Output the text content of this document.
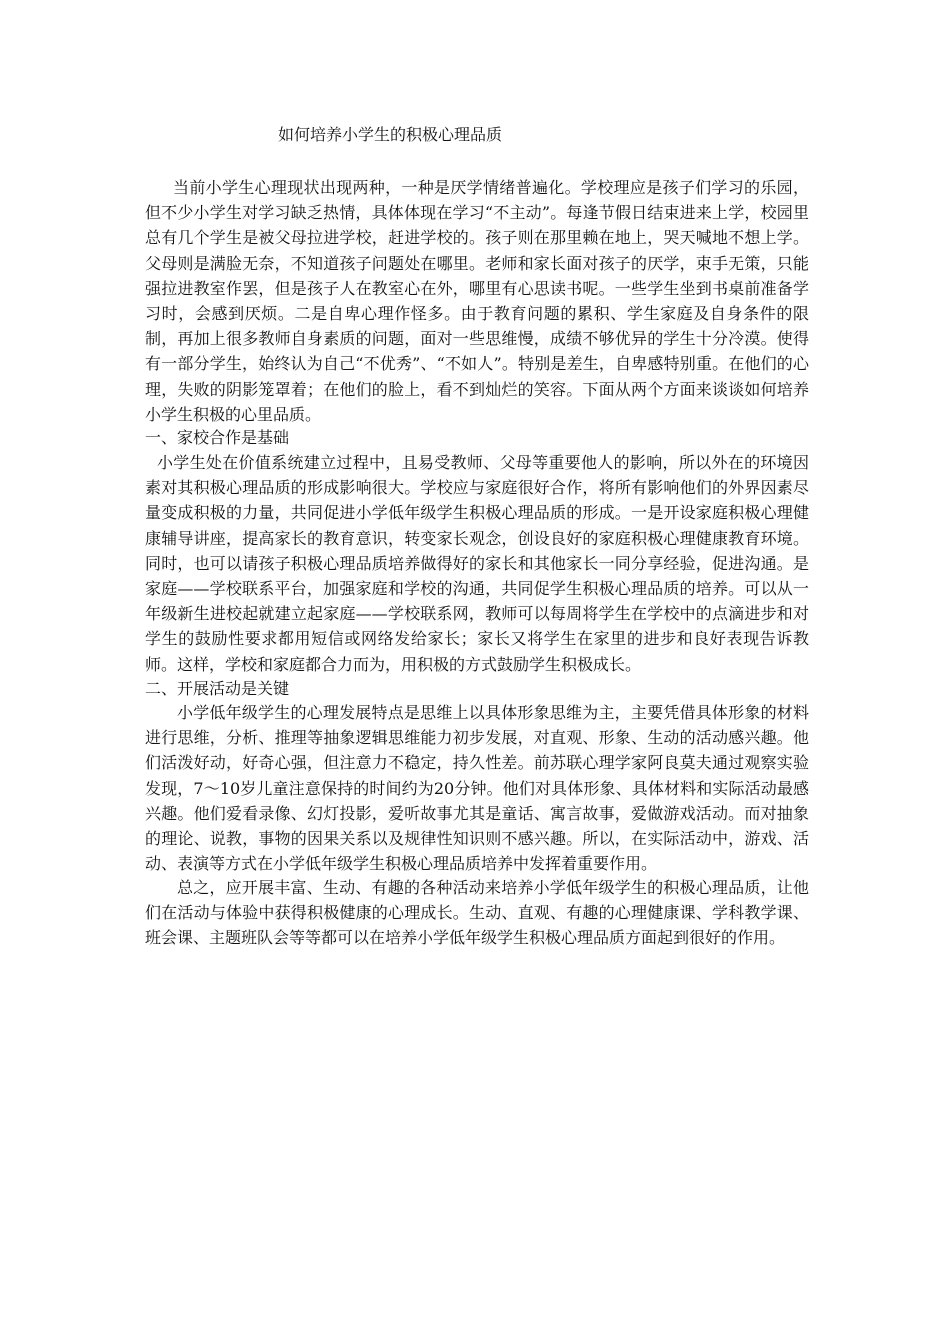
如何培养小学生的积极心理品质

当前小学生心理现状出现两种，一种是厌学情绪普遍化。学校理应是孩子们学习的乐园，但不少小学生对学习缺乏热情，具体体现在学习“不主动”。每逢节假日结束进来上学，校园里总有几个学生是被父母拉进学校，赶进学校的。孩子则在那里赖在地上，哭天喊地不想上学。父母则是满脸无奈，不知道孩子问题处在哪里。老师和家长面对孩子的厌学，束手无策，只能强拉进教室作罢，但是孩子人在教室心在外，哪里有心思读书呢。一些学生坐到书桌前准备学习时，会感到厌烦。二是自卑心理作怪多。由于教育问题的累积、学生家庭及自身条件的限制，再加上很多教师自身素质的问题，面对一些思维慢，成绩不够优异的学生十分冷漠。使得有一部分学生，始终认为自己“不优秀”、“不如人”。特别是差生，自卑感特别重。在他们的心理，失败的阴影笼罩着；在他们的脸上，看不到灿烂的笑容。下面从两个方面来谈谈如何培养小学生积极的心里品质。

一、家校合作是基础

小学生处在价值系统建立过程中，且易受教师、父母等重要他人的影响，所以外在的环境因素对其积极心理品质的形成影响很大。学校应与家庭很好合作，将所有影响他们的外界因素尽量变成积极的力量，共同促进小学低年级学生积极心理品质的形成。一是开设家庭积极心理健康辅导讲座，提高家长的教育意识，转变家长观念，创设良好的家庭积极心理健康教育环境。同时，也可以请孩子积极心理品质培养做得好的家长和其他家长一同分享经验，促进沟通。是家庭——学校联系平台，加强家庭和学校的沟通，共同促学生积极心理品质的培养。可以从一年级新生进校起就建立起家庭——学校联系网，教师可以每周将学生在学校中的点滴进步和对学生的鼓励性要求都用短信或网络发给家长；家长又将学生在家里的进步和良好表现告诉教师。这样，学校和家庭都合力而为，用积极的方式鼓励学生积极成长。

二、开展活动是关键

小学低年级学生的心理发展特点是思维上以具体形象思维为主，主要凭借具体形象的材料进行思维，分析、推理等抽象逻辑思维能力初步发展，对直观、形象、生动的活动感兴趣。他们活泼好动，好奇心强，但注意力不稳定，持久性差。前苏联心理学家阿良莫夫通过观察实验发现，7～10岁儿童注意保持的时间约为20分钟。他们对具体形象、具体材料和实际活动最感兴趣。他们爱看录像、幻灯投影，爱听故事尤其是童话、寓言故事，爱做游戏活动。而对抽象的理论、说教，事物的因果关系以及规律性知识则不感兴趣。所以，在实际活动中，游戏、活动、表演等方式在小学低年级学生积极心理品质培养中发挥着重要作用。

总之，应开展丰富、生动、有趣的各种活动来培养小学低年级学生的积极心理品质，让他们在活动与体验中获得积极健康的心理成长。生动、直观、有趣的心理健康课、学科教学课、班会课、主题班队会等等都可以在培养小学低年级学生积极心理品质方面起到很好的作用。
